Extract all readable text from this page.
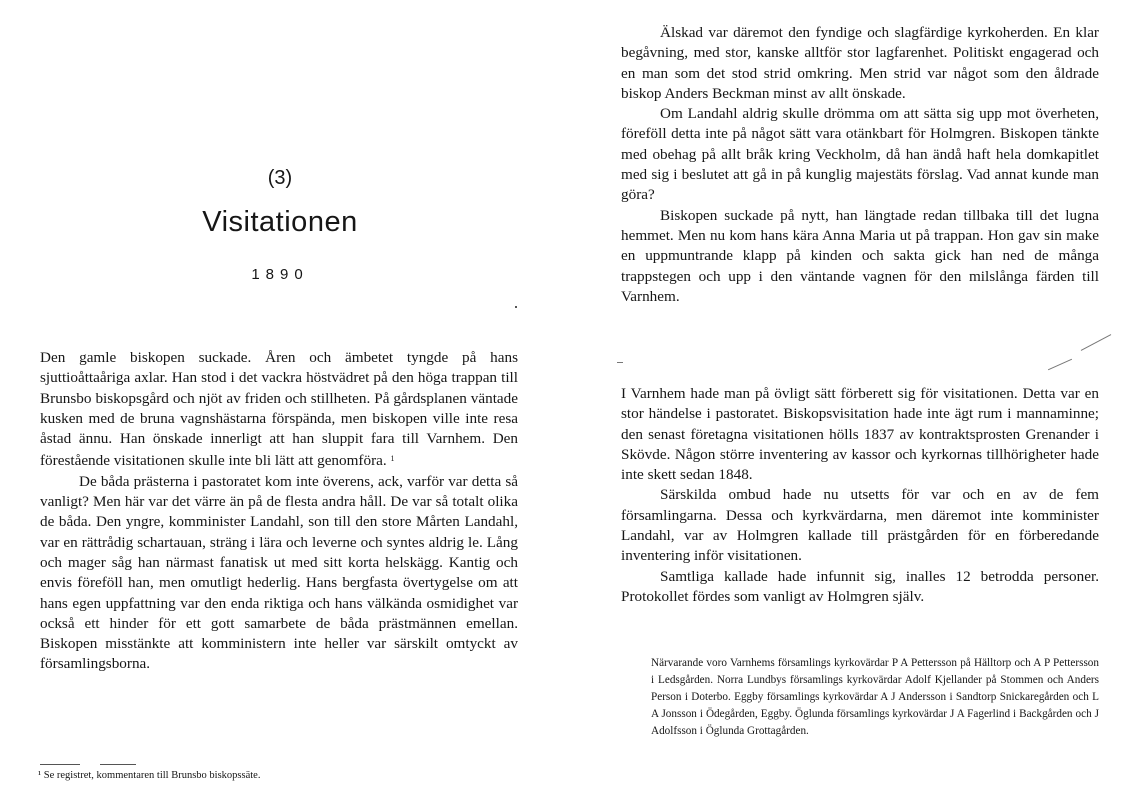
(3)
Visitationen
1890

Den gamle biskopen suckade. Åren och ämbetet tyngde på hans sjuttioåttaåriga axlar. Han stod i det vackra höstvädret på den höga trappan till Brunsbo biskopsgård och njöt av friden och stillheten. På gårdsplanen väntade kusken med de bruna vagnshästarna förspända, men biskopen ville inte resa åstad ännu. Han önskade innerligt att han sluppit fara till Varnhem. Den förestående visitationen skulle inte bli lätt att genomföra. $^1$

De båda prästerna i pastoratet kom inte överens, ack, varför var detta så vanligt? Men här var det värre än på de flesta andra håll. De var så totalt olika de båda. Den yngre, komminister Landahl, son till den store Mårten Landahl, var en rättrådig schartauan, sträng i lära och leverne och syntes aldrig le. Lång och mager såg han närmast fanatisk ut med sitt korta helskägg. Kantig och envis föreföll han, men omutligt hederlig. Hans bergfasta övertygelse om att hans egen uppfattning var den enda riktiga och hans välkända osmidighet var också ett hinder för ett gott samarbete de båda prästmännen emellan. Biskopen misstänkte att komministern inte heller var särskilt omtyckt av församlingsborna.

¹ Se registret, kommentaren till Brunsbo biskopssäte.

Älskad var däremot den fyndige och slagfärdige kyrkoherden. En klar begåvning, med stor, kanske alltför stor lagfarenhet. Politiskt engagerad och en man som det stod strid omkring. Men strid var något som den åldrade biskop Anders Beckman minst av allt önskade.

Om Landahl aldrig skulle drömma om att sätta sig upp mot överheten, föreföll detta inte på något sätt vara otänkbart för Holmgren. Biskopen tänkte med obehag på allt bråk kring Veckholm, då han ändå haft hela domkapitlet med sig i beslutet att gå in på kunglig majestäts förslag. Vad annat kunde man göra?

Biskopen suckade på nytt, han längtade redan tillbaka till det lugna hemmet. Men nu kom hans kära Anna Maria ut på trappan. Hon gav sin make en uppmuntrande klapp på kinden och sakta gick han ned de många trappstegen och upp i den väntande vagnen för den milslånga färden till Varnhem.

I Varnhem hade man på övligt sätt förberett sig för visitationen. Detta var en stor händelse i pastoratet. Biskopsvisitation hade inte ägt rum i mannaminne; den senast företagna visitationen hölls 1837 av kontraktsprosten Grenander i Skövde. Någon större inventering av kassor och kyrkornas tillhörigheter hade inte skett sedan 1848.

Särskilda ombud hade nu utsetts för var och en av de fem församlingarna. Dessa och kyrkvärdarna, men däremot inte komminister Landahl, var av Holmgren kallade till prästgården för en förberedande inventering inför visitationen.

Samtliga kallade hade infunnit sig, inalles 12 betrodda personer. Protokollet fördes som vanligt av Holmgren själv.

Närvarande voro Varnhems församlings kyrkovärdar P A Pettersson på Hälltorp och A P Pettersson i Ledsgården. Norra Lundbys församlings kyrkovärdar Adolf Kjellander på Stommen och Anders Person i Doterbo. Eggby församlings kyrkovärdar A J Andersson i Sandtorp Snickaregården och L A Jonsson i Ödegården, Eggby. Öglunda församlings kyrkovärdar J A Fagerlind i Backgården och J Adolfsson i Öglunda Grottagården.
